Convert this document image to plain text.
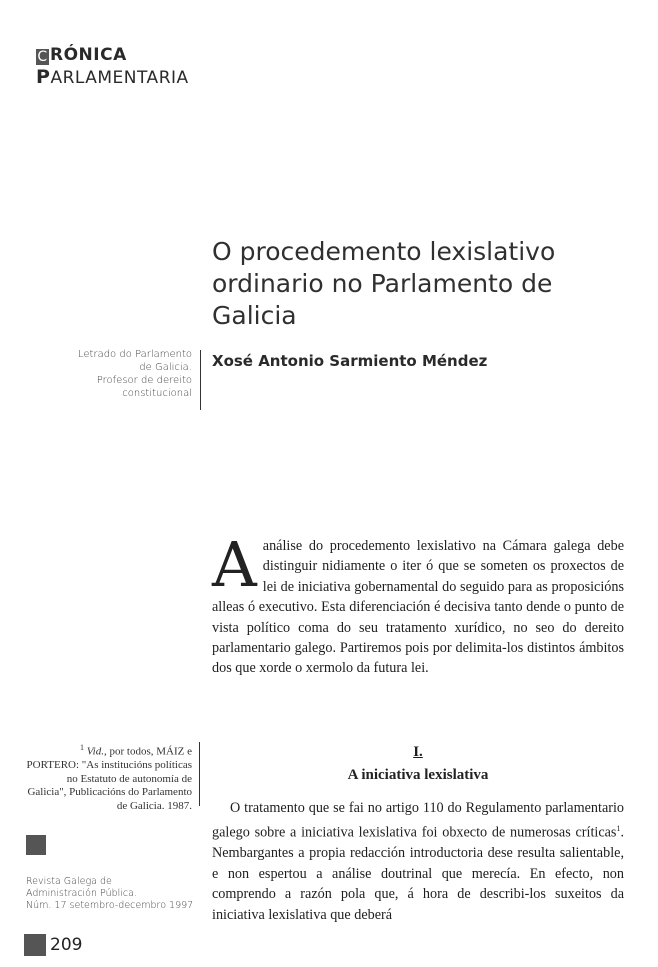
C RÓNICA
PARLAMENTARIA
O procedemento lexislativo
ordinario no Parlamento de Galicia
Letrado do Parlamento
de Galicia.
Profesor de dereito
constitucional
Xosé Antonio Sarmiento Méndez
Aanálise do procedemento lexislativo na Cámara galega debe distinguir nidiamente o iter ó que se someten os proxectos de lei de iniciativa gobernamental do seguido para as proposicións alleas ó executivo. Esta diferenciación é decisiva tanto dende o punto de vista político coma do seu tratamento xurídico, no seo do dereito parlamentario galego. Partiremos pois por delimita-los distintos ámbitos dos que xorde o xermolo da futura lei.
$^1$ Vid., por todos, MÁIZ e PORTERO: "As institucións políticas no Estatuto de autonomía de Galicia", Publicacións do Parlamento de Galicia. 1987.
I.
A iniciativa lexislativa
O tratamento que se fai no artigo 110 do Regulamento parlamentario galego sobre a iniciativa lexislativa foi obxecto de numerosas críticas$^1$. Nembargantes a propia redacción introductoria dese resulta salientable, e non espertou a análise doutrinal que merecía. En efecto, non comprendo a razón pola que, á hora de describi-los suxeitos da iniciativa lexislativa que deberá
Revista Galega de
Administración Pública.
Núm. 17 setembro-decembro 1997
209
